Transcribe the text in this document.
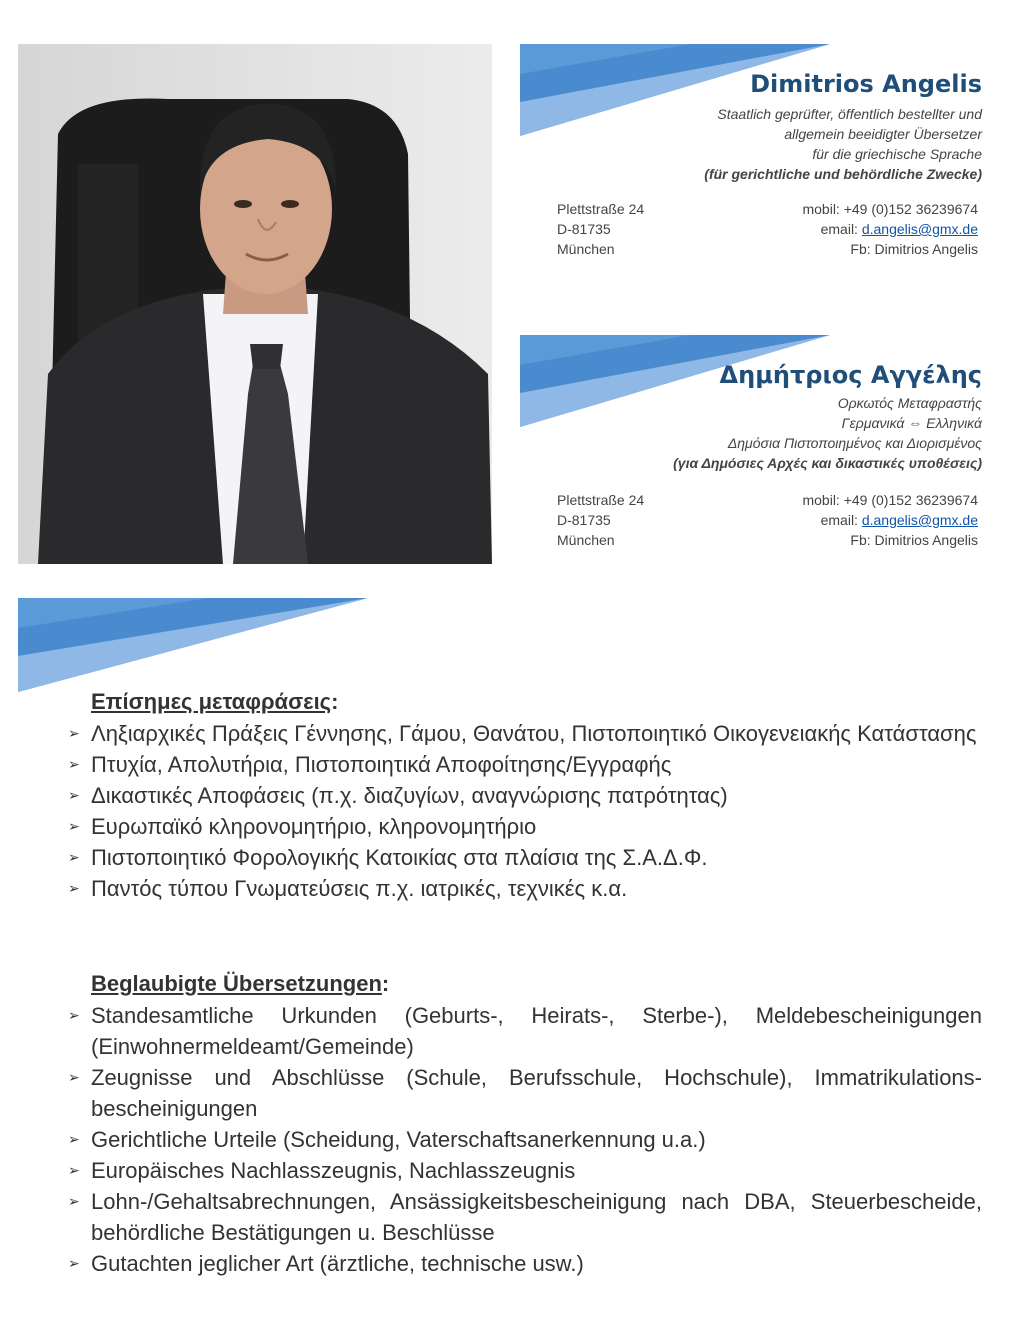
Dimitrios Angelis
Staatlich geprüfter, öffentlich bestellter und
allgemein beeidigter Übersetzer
für die griechische Sprache
(für gerichtliche und behördliche Zwecke)
Plettstraße 24
D-81735
München
mobil: +49 (0)152 36239674
email: d.angelis@gmx.de
Fb: Dimitrios Angelis
Δημήτριος Αγγέλης
Ορκωτός Μεταφραστής
Γερμανικά ⇔ Ελληνικά
Δημόσια Πιστοποιημένος και Διορισμένος
(για Δημόσιες Αρχές και δικαστικές υποθέσεις)
Plettstraße 24
D-81735
München
mobil: +49 (0)152 36239674
email: d.angelis@gmx.de
Fb: Dimitrios Angelis
Επίσημες μεταφράσεις:
➢ Ληξιαρχικές Πράξεις Γέννησης, Γάμου, Θανάτου, Πιστοποιητικό Οικογενειακής Κατάστασης
➢ Πτυχία, Απολυτήρια, Πιστοποιητικά Αποφοίτησης/Εγγραφής
➢ Δικαστικές Αποφάσεις (π.χ. διαζυγίων, αναγνώρισης πατρότητας)
➢ Ευρωπαϊκό κληρονομητήριο, κληρονομητήριο
➢ Πιστοποιητικό Φορολογικής Κατοικίας στα πλαίσια της Σ.Α.Δ.Φ.
➢ Παντός τύπου Γνωματεύσεις π.χ. ιατρικές, τεχνικές κ.α.
Beglaubigte Übersetzungen:
➢ Standesamtliche Urkunden (Geburts-, Heirats-, Sterbe-), Meldebescheinigungen (Einwohnermeldeamt/Gemeinde)
➢ Zeugnisse und Abschlüsse (Schule, Berufsschule, Hochschule), Immatrikulations-bescheinigungen
➢ Gerichtliche Urteile (Scheidung, Vaterschaftsanerkennung u.a.)
➢ Europäisches Nachlasszeugnis, Nachlasszeugnis
➢ Lohn-/Gehaltsabrechnungen, Ansässigkeitsbescheinigung nach DBA, Steuerbescheide, behördliche Bestätigungen u. Beschlüsse
➢ Gutachten jeglicher Art (ärztliche, technische usw.)
